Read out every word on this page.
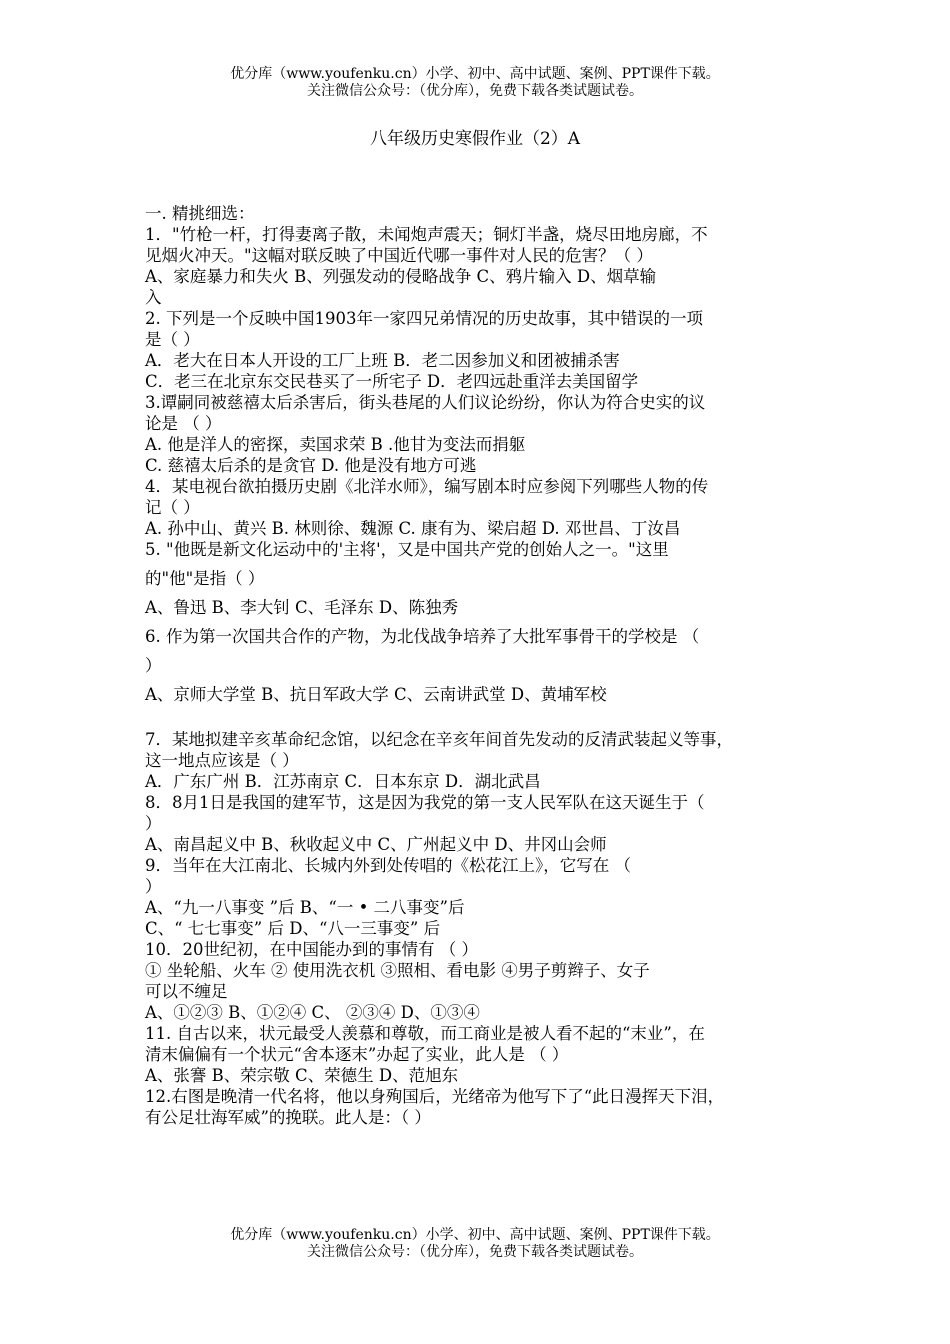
优分库（www.youfenku.cn）小学、初中、高中试题、案例、PPT课件下载。
关注微信公众号：（优分库），免费下载各类试题试卷。
八年级历史寒假作业（2）A
一. 精挑细选：
1．"竹枪一杆，打得妻离子散，未闻炮声震天；铜灯半盏，烧尽田地房廊，不
见烟火冲天。"这幅对联反映了中国近代哪一事件对人民的危害？（ ）
A、家庭暴力和失火 B、列强发动的侵略战争 C、鸦片输入 D、烟草输
入
2. 下列是一个反映中国1903年一家四兄弟情况的历史故事，其中错误的一项
是（ ）
A．老大在日本人开设的工厂上班 B．老二因参加义和团被捕杀害
C．老三在北京东交民巷买了一所宅子 D．老四远赴重洋去美国留学
3.谭嗣同被慈禧太后杀害后，街头巷尾的人们议论纷纷，你认为符合史实的议
论是 （ ）
A. 他是洋人的密探，卖国求荣 B .他甘为变法而捐躯
C. 慈禧太后杀的是贪官 D. 他是没有地方可逃
4．某电视台欲拍摄历史剧《北洋水师》，编写剧本时应参阅下列哪些人物的传
记（ ）
A. 孙中山、黄兴 B. 林则徐、魏源 C. 康有为、梁启超 D. 邓世昌、丁汝昌
5. "他既是新文化运动中的'主将'，又是中国共产党的创始人之一。"这里
的"他"是指（ ）
A、鲁迅 B、李大钊 C、毛泽东 D、陈独秀
6. 作为第一次国共合作的产物，为北伐战争培养了大批军事骨干的学校是 （
）
A、京师大学堂 B、抗日军政大学 C、云南讲武堂 D、黄埔军校
7．某地拟建辛亥革命纪念馆，以纪念在辛亥年间首先发动的反清武装起义等事，
这一地点应该是（ ）
A．广东广州 B．江苏南京 C．日本东京 D．湖北武昌
8．8月1日是我国的建军节，这是因为我党的第一支人民军队在这天诞生于（
）
A、南昌起义中 B、秋收起义中 C、广州起义中 D、井冈山会师
9．当年在大江南北、长城内外到处传唱的《松花江上》，它写在 （
）
A、“九一八事变 ”后 B、“一 • 二八事变”后
C、“ 七七事变” 后 D、“八一三事变” 后
10．20世纪初，在中国能办到的事情有 （ ）
① 坐轮船、火车 ② 使用洗衣机 ③照相、看电影 ④男子剪辫子、女子
可以不缠足
A、①②③ B、①②④ C、 ②③④ D、①③④
11. 自古以来，状元最受人羡慕和尊敬，而工商业是被人看不起的“末业”，在
清末偏偏有一个状元“舍本逐末”办起了实业，此人是 （ ）
A、张謇 B、荣宗敬 C、荣德生 D、范旭东
12.右图是晚清一代名将，他以身殉国后，光绪帝为他写下了“此日漫挥天下泪，
有公足壮海军威”的挽联。此人是：（ ）
优分库（www.youfenku.cn）小学、初中、高中试题、案例、PPT课件下载。
关注微信公众号：（优分库），免费下载各类试题试卷。
